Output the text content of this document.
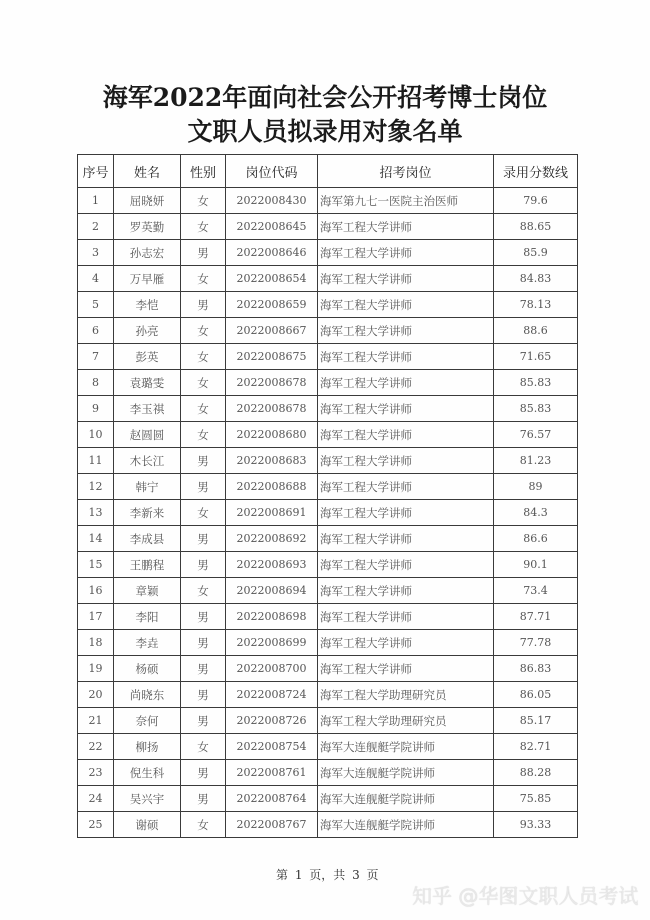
海军2022年面向社会公开招考博士岗位
文职人员拟录用对象名单
序号	姓名	性别	岗位代码	招考岗位	录用分数线
1	屈晓妍	女	2022008430	海军第九七一医院主治医师	79.6
2	罗英勤	女	2022008645	海军工程大学讲师	88.65
3	孙志宏	男	2022008646	海军工程大学讲师	85.9
4	万早雁	女	2022008654	海军工程大学讲师	84.83
5	李恺	男	2022008659	海军工程大学讲师	78.13
6	孙亮	女	2022008667	海军工程大学讲师	88.6
7	彭英	女	2022008675	海军工程大学讲师	71.65
8	袁璐雯	女	2022008678	海军工程大学讲师	85.83
9	李玉祺	女	2022008678	海军工程大学讲师	85.83
10	赵圆圆	女	2022008680	海军工程大学讲师	76.57
11	木长江	男	2022008683	海军工程大学讲师	81.23
12	韩宁	男	2022008688	海军工程大学讲师	89
13	李新来	女	2022008691	海军工程大学讲师	84.3
14	李成县	男	2022008692	海军工程大学讲师	86.6
15	王鹏程	男	2022008693	海军工程大学讲师	90.1
16	章颖	女	2022008694	海军工程大学讲师	73.4
17	李阳	男	2022008698	海军工程大学讲师	87.71
18	李垚	男	2022008699	海军工程大学讲师	77.78
19	杨硕	男	2022008700	海军工程大学讲师	86.83
20	尚晓东	男	2022008724	海军工程大学助理研究员	86.05
21	奈何	男	2022008726	海军工程大学助理研究员	85.17
22	柳扬	女	2022008754	海军大连舰艇学院讲师	82.71
23	倪生科	男	2022008761	海军大连舰艇学院讲师	88.28
24	吴兴宇	男	2022008764	海军大连舰艇学院讲师	75.85
25	谢硕	女	2022008767	海军大连舰艇学院讲师	93.33
第 1 页，共 3 页
知乎 @华图文职人员考试
